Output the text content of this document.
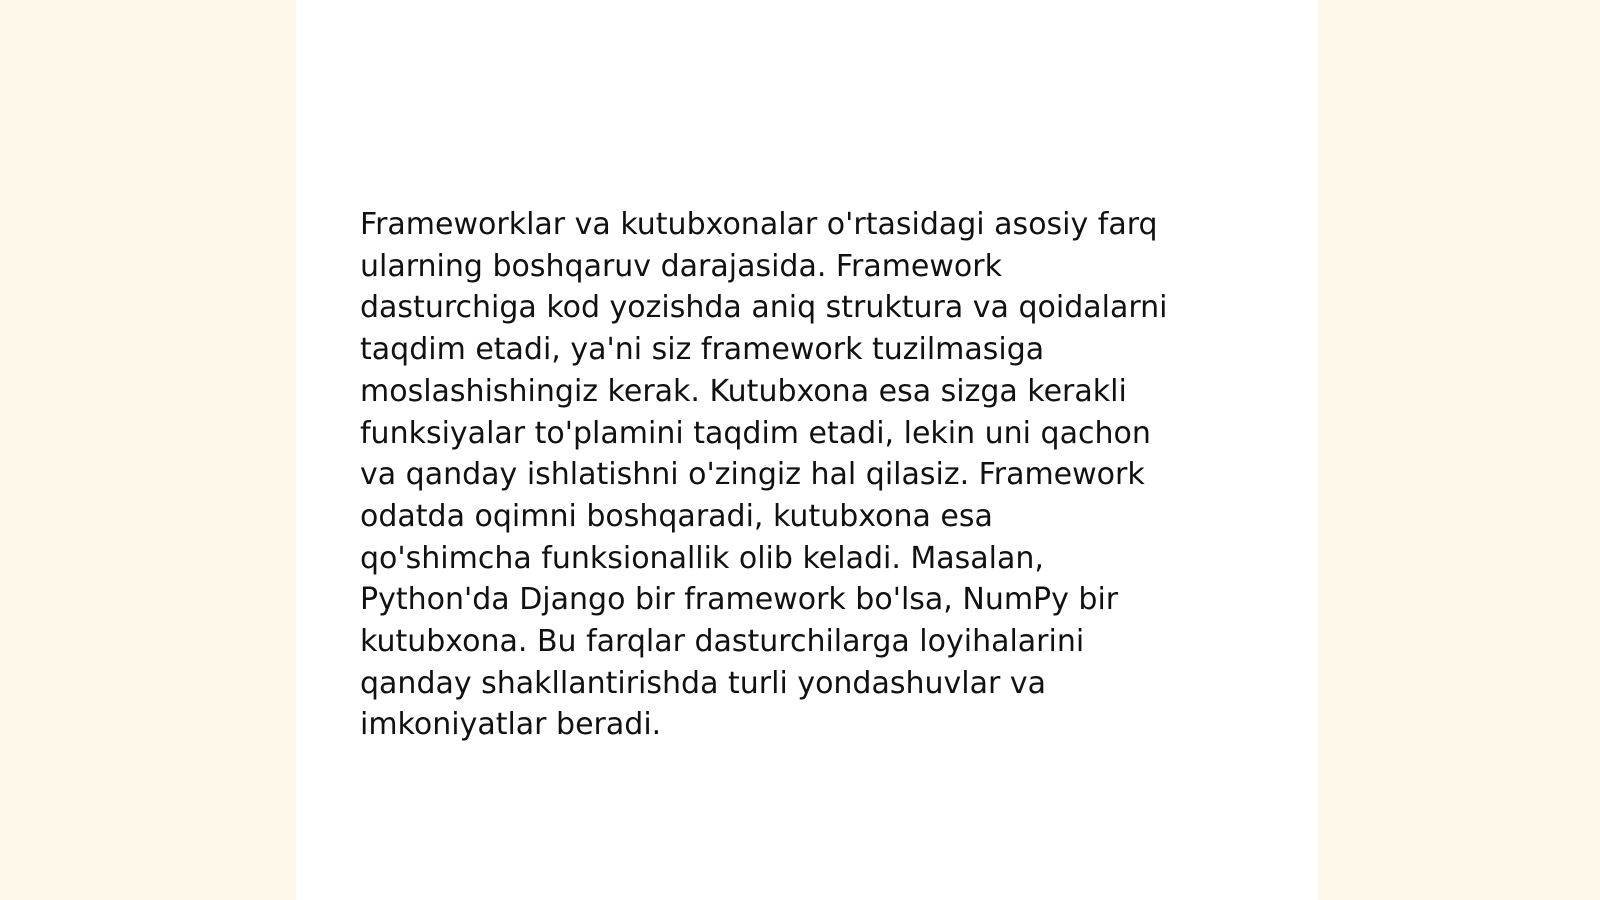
Frameworklar va kutubxonalar o'rtasidagi asosiy farq
ularning boshqaruv darajasida. Framework
dasturchiga kod yozishda aniq struktura va qoidalarni
taqdim etadi, ya'ni siz framework tuzilmasiga
moslashishingiz kerak. Kutubxona esa sizga kerakli
funksiyalar to'plamini taqdim etadi, lekin uni qachon
va qanday ishlatishni o'zingiz hal qilasiz. Framework
odatda oqimni boshqaradi, kutubxona esa
qo'shimcha funksionallik olib keladi. Masalan,
Python'da Django bir framework bo'lsa, NumPy bir
kutubxona. Bu farqlar dasturchilarga loyihalarini
qanday shakllantirishda turli yondashuvlar va
imkoniyatlar beradi.
